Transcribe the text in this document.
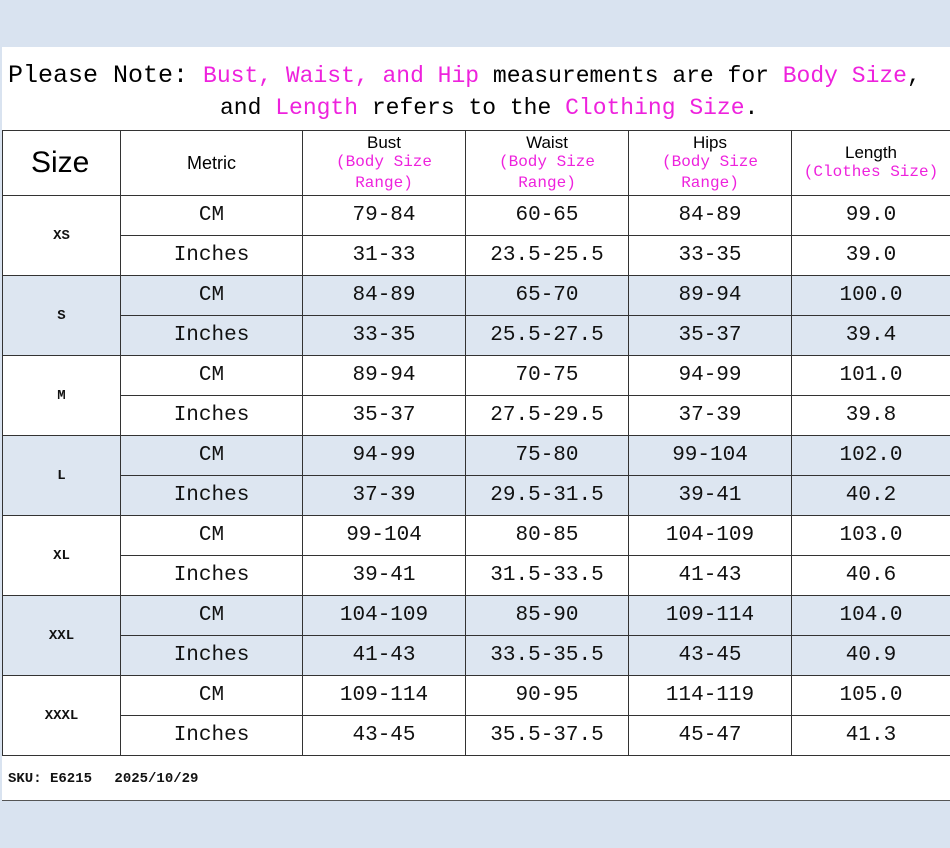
Please Note: Bust, Waist, and Hip measurements are for Body Size,
and Length refers to the Clothing Size.
Size	Metric	Bust
(Body Size
Range)	Waist
(Body Size
Range)	Hips
(Body Size
Range)	Length
(Clothes Size)

XS	CM	79-84	60-65	84-89	99.0
	Inches	31-33	23.5-25.5	33-35	39.0
S	CM	84-89	65-70	89-94	100.0
	Inches	33-35	25.5-27.5	35-37	39.4
M	CM	89-94	70-75	94-99	101.0
	Inches	35-37	27.5-29.5	37-39	39.8
L	CM	94-99	75-80	99-104	102.0
	Inches	37-39	29.5-31.5	39-41	40.2
XL	CM	99-104	80-85	104-109	103.0
	Inches	39-41	31.5-33.5	41-43	40.6
XXL	CM	104-109	85-90	109-114	104.0
	Inches	41-43	33.5-35.5	43-45	40.9
XXXL	CM	109-114	90-95	114-119	105.0
	Inches	43-45	35.5-37.5	45-47	41.3
SKU: E6215 2025/10/29
